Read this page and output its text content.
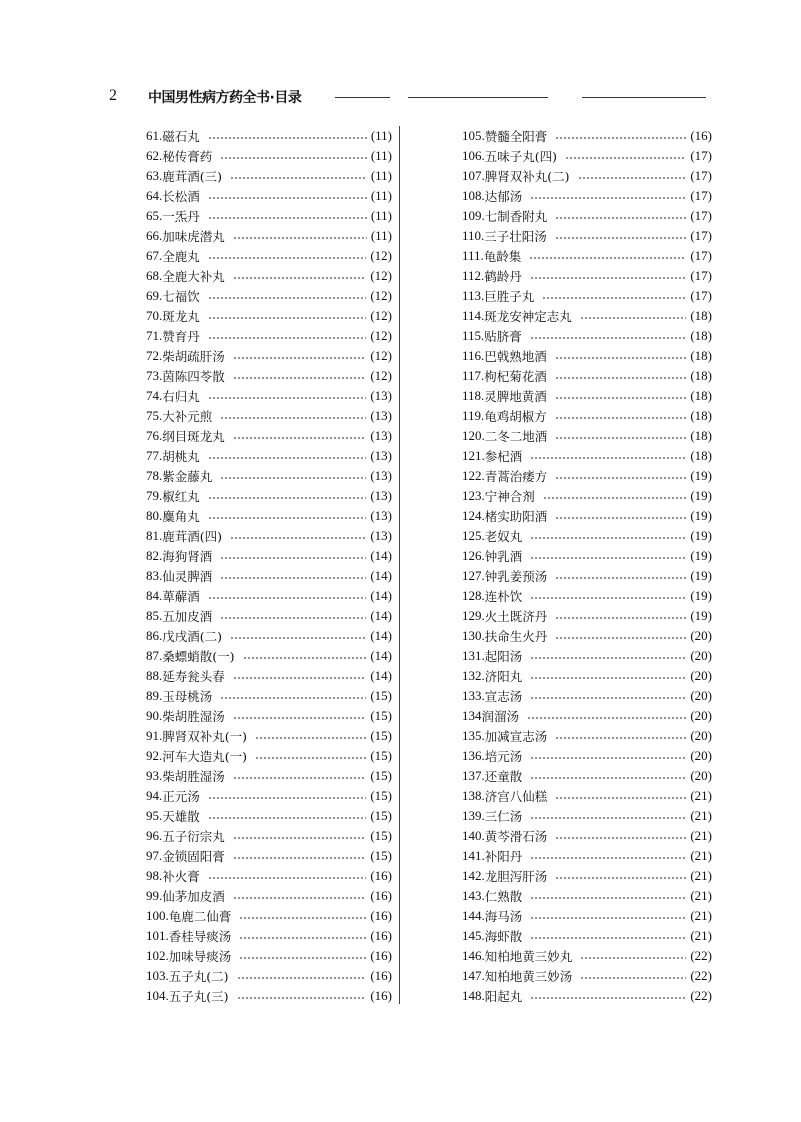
2 中国男性病方药全书·目录
61. 磁石丸	(11)
62. 秘传膏药	(11)
63. 鹿茸酒(三)	(11)
64. 长松酒	(11)
65. 一炁丹	(11)
66. 加味虎潜丸	(11)
67. 全鹿丸	(12)
68. 全鹿大补丸	(12)
69. 七福饮	(12)
70. 斑龙丸	(12)
71. 赞育丹	(12)
72. 柴胡疏肝汤	(12)
73. 茵陈四苓散	(12)
74. 右归丸	(13)
75. 大补元煎	(13)
76. 纲目斑龙丸	(13)
77. 胡桃丸	(13)
78. 紫金藤丸	(13)
79. 椒红丸	(13)
80. 麋角丸	(13)
81. 鹿茸酒(四)	(13)
82. 海狗肾酒	(14)
83. 仙灵脾酒	(14)
84. 萆薢酒	(14)
85. 五加皮酒	(14)
86. 戊戌酒(二)	(14)
87. 桑螵蛸散(一)	(14)
88. 延寿瓮头春	(14)
89. 玉母桃汤	(15)
90. 柴胡胜湿汤	(15)
91. 脾肾双补丸(一)	(15)
92. 河车大造丸(一)	(15)
93. 柴胡胜湿汤	(15)
94. 正元汤	(15)
95. 天雄散	(15)
96. 五子衍宗丸	(15)
97. 金锁固阳膏	(15)
98. 补火膏	(16)
99. 仙茅加皮酒	(16)
100. 龟鹿二仙膏	(16)
101. 香桂导痰汤	(16)
102. 加味导痰汤	(16)
103. 五子丸(二)	(16)
104. 五子丸(三)	(16)
105. 赞髓全阳膏	(16)
106. 五味子丸(四)	(17)
107. 脾肾双补丸(二)	(17)
108. 达郁汤	(17)
109. 七制香附丸	(17)
110. 三子壮阳汤	(17)
111. 龟龄集	(17)
112. 鹤龄丹	(17)
113. 巨胜子丸	(17)
114. 斑龙安神定志丸	(18)
115. 贴脐膏	(18)
116. 巴戟熟地酒	(18)
117. 枸杞菊花酒	(18)
118. 灵脾地黄酒	(18)
119. 龟鸡胡椒方	(18)
120. 二冬二地酒	(18)
121. 参杞酒	(18)
122. 青蒿治痿方	(19)
123. 宁神合剂	(19)
124. 楮实助阳酒	(19)
125. 老奴丸	(19)
126. 钟乳酒	(19)
127. 钟乳姜预汤	(19)
128. 连朴饮	(19)
129. 火土既济丹	(19)
130. 扶命生火丹	(20)
131. 起阳汤	(20)
132. 济阳丸	(20)
133. 宣志汤	(20)
134 润溜汤	(20)
135. 加减宣志汤	(20)
136. 培元汤	(20)
137. 还童散	(20)
138. 济宫八仙糕	(21)
139. 三仁汤	(21)
140. 黄芩滑石汤	(21)
141. 补阳丹	(21)
142. 龙胆泻肝汤	(21)
143. 仁熟散	(21)
144. 海马汤	(21)
145. 海虾散	(21)
146. 知柏地黄三妙丸	(22)
147. 知柏地黄三妙汤	(22)
148. 阳起丸	(22)
